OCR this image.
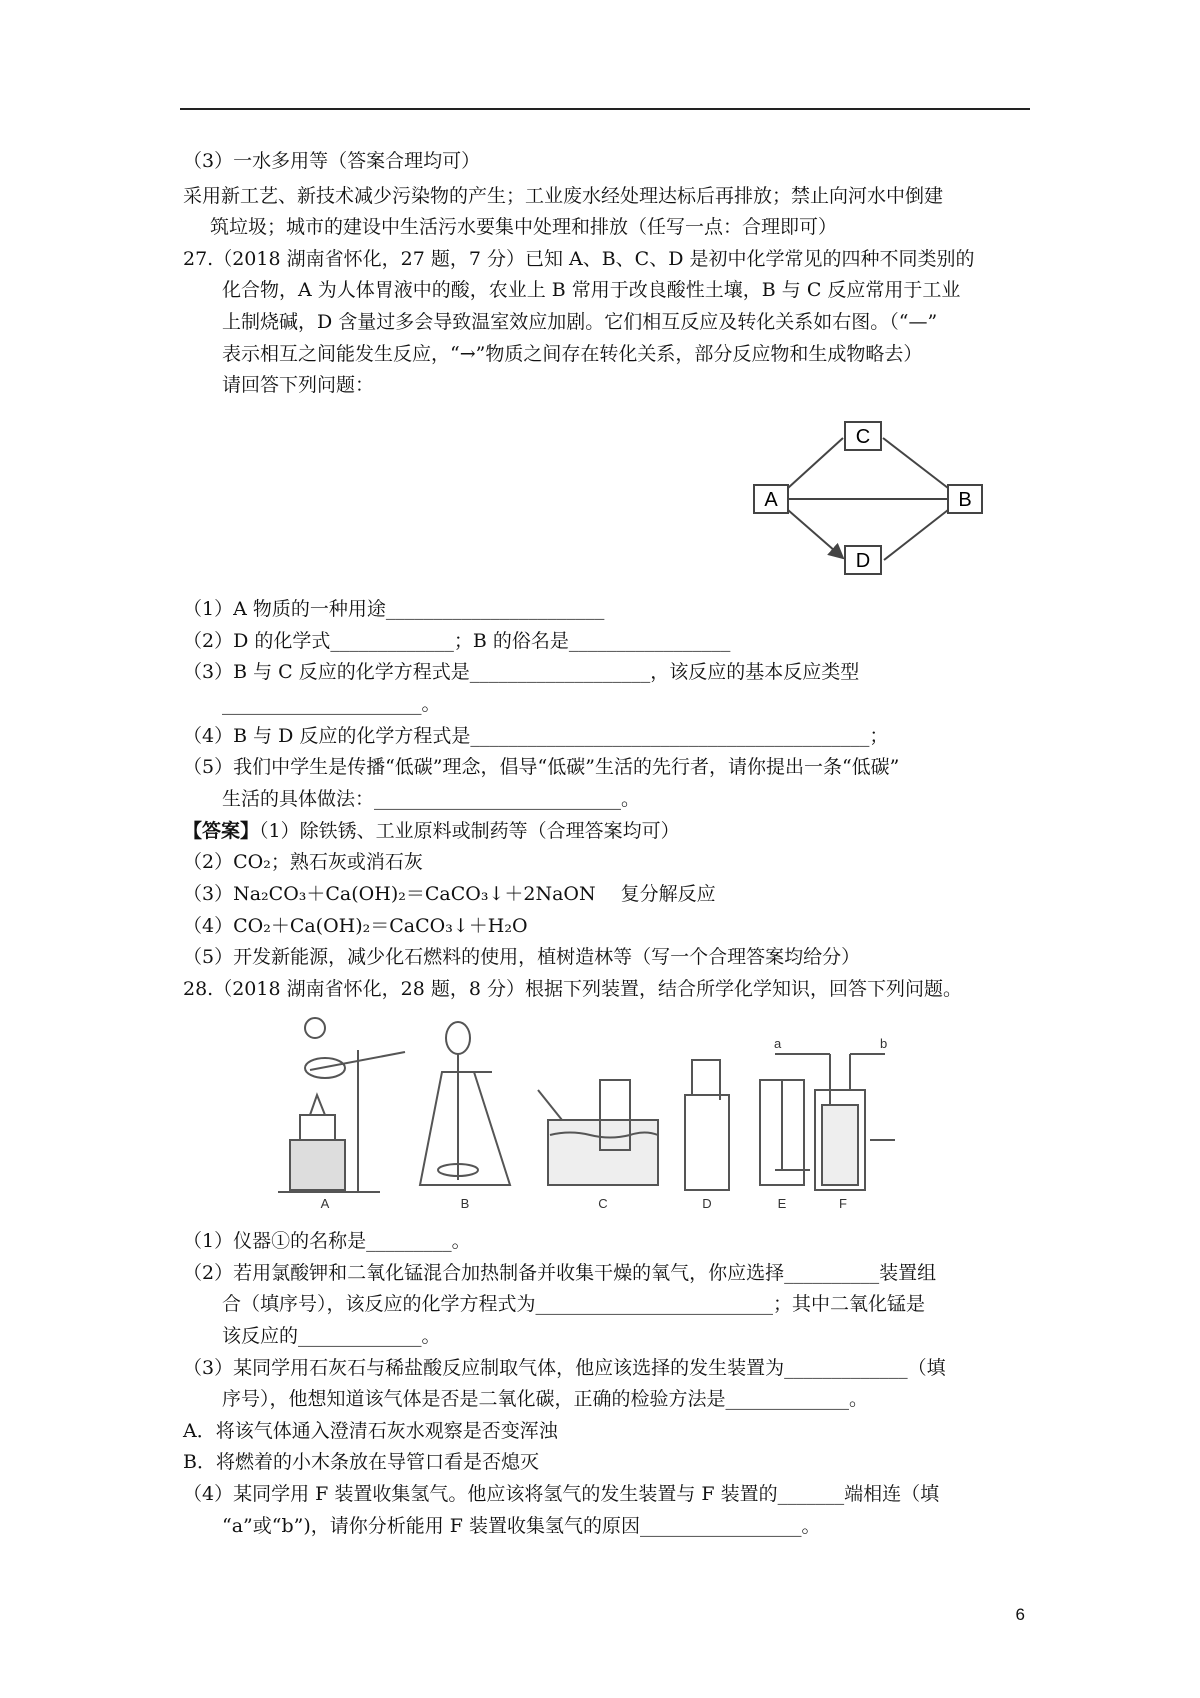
（3）一水多用等（答案合理均可）
采用新工艺、新技术减少污染物的产生；工业废水经处理达标后再排放；禁止向河水中倒建
筑垃圾；城市的建设中生活污水要集中处理和排放（任写一点：合理即可）
27.（2018 湖南省怀化，27 题，7 分）已知 A、B、C、D 是初中化学常见的四种不同类别的
化合物，A 为人体胃液中的酸，农业上 B 常用于改良酸性土壤，B 与 C 反应常用于工业
上制烧碱，D 含量过多会导致温室效应加剧。它们相互反应及转化关系如右图。（“—”
表示相互之间能发生反应，“→”物质之间存在转化关系，部分反应物和生成物略去）
请回答下列问题：
C
A	B
D
（1）A 物质的一种用途_______________________
（2）D 的化学式_____________；B 的俗名是_________________
（3）B 与 C 反应的化学方程式是___________________，该反应的基本反应类型
_____________________。
（4）B 与 D 反应的化学方程式是__________________________________________；
（5）我们中学生是传播“低碳”理念，倡导“低碳”生活的先行者，请你提出一条“低碳”
生活的具体做法：__________________________。
【答案】（1）除铁锈、工业原料或制药等（合理答案均可）
（2）CO₂；熟石灰或消石灰
（3）Na₂CO₃＋Ca(OH)₂＝CaCO₃↓＋2NaON　 复分解反应
（4）CO₂＋Ca(OH)₂＝CaCO₃↓＋H₂O
（5）开发新能源，减少化石燃料的使用，植树造林等（写一个合理答案均给分）
28.（2018 湖南省怀化，28 题，8 分）根据下列装置，结合所学化学知识，回答下列问题。
a	b
A	B	C	D	E	F
（1）仪器①的名称是_________。
（2）若用氯酸钾和二氧化锰混合加热制备并收集干燥的氧气，你应选择__________装置组
合（填序号），该反应的化学方程式为_________________________；其中二氧化锰是
该反应的_____________。
（3）某同学用石灰石与稀盐酸反应制取气体，他应该选择的发生装置为_____________（填
序号），他想知道该气体是否是二氧化碳，正确的检验方法是_____________。
A．将该气体通入澄清石灰水观察是否变浑浊
B．将燃着的小木条放在导管口看是否熄灭
（4）某同学用 F 装置收集氢气。他应该将氢气的发生装置与 F 装置的_______端相连（填
“a”或“b”)，请你分析能用 F 装置收集氢气的原因_________________。
6
